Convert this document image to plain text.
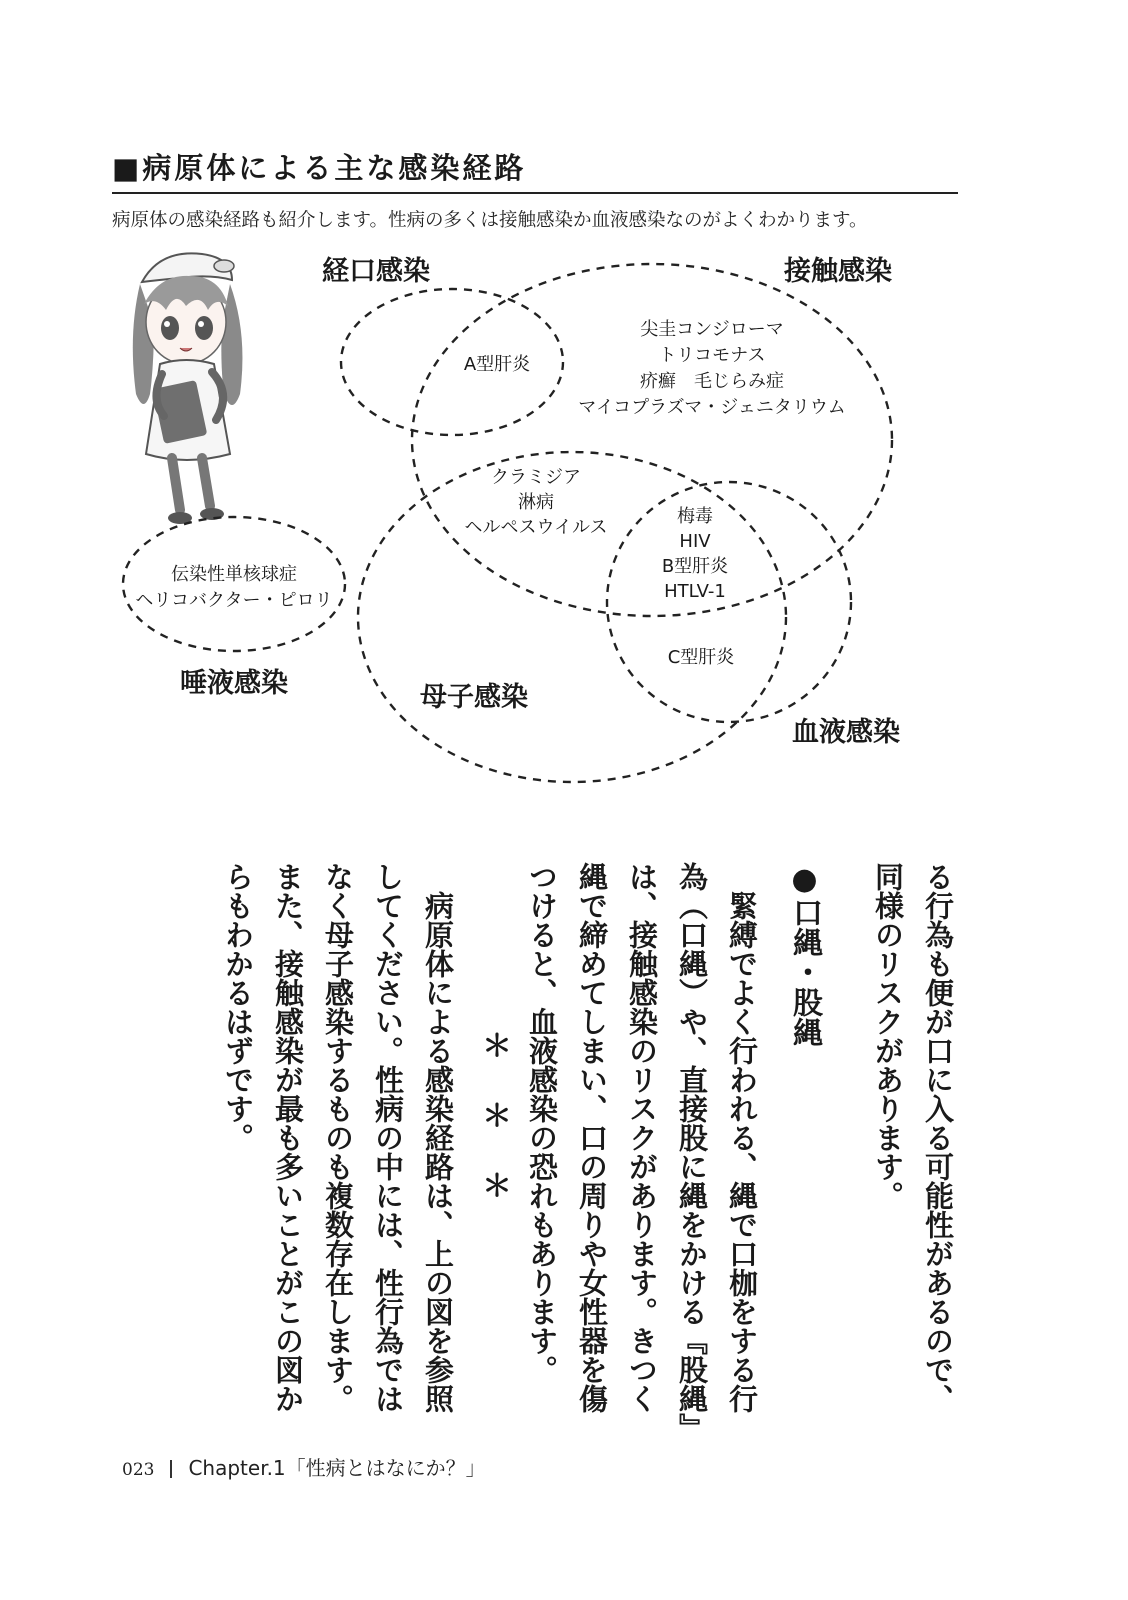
■病原体による主な感染経路

病原体の感染経路も紹介します。性病の多くは接触感染か血液感染なのがよくわかります。

経口感染	接触感染
唾液感染	母子感染
血液感染
A型肝炎
尖圭コンジローマ
トリコモナス
疥癬　毛じらみ症
マイコプラズマ・ジェニタリウム
クラミジア
淋病
ヘルペスウイルス
梅毒
HIV
B型肝炎
HTLV-1
C型肝炎
伝染性単核球症
ヘリコバクター・ピロリ
る行為も便が口に入る可能性があるので、
同様のリスクがあります。
●口縄・股縄
　緊縛でよく行われる、縄で口枷をする行
為（口縄）や、直接股に縄をかける『股縄』
は、接触感染のリスクがあります。きつく
縄で締めてしまい、口の周りや女性器を傷
つけると、血液感染の恐れもあります。
＊＊＊
　病原体による感染経路は、上の図を参照
してください。性病の中には、性行為では
なく母子感染するものも複数存在します。
また、接触感染が最も多いことがこの図か
らもわかるはずです。
023 Chapter.1「性病とはなにか？」
